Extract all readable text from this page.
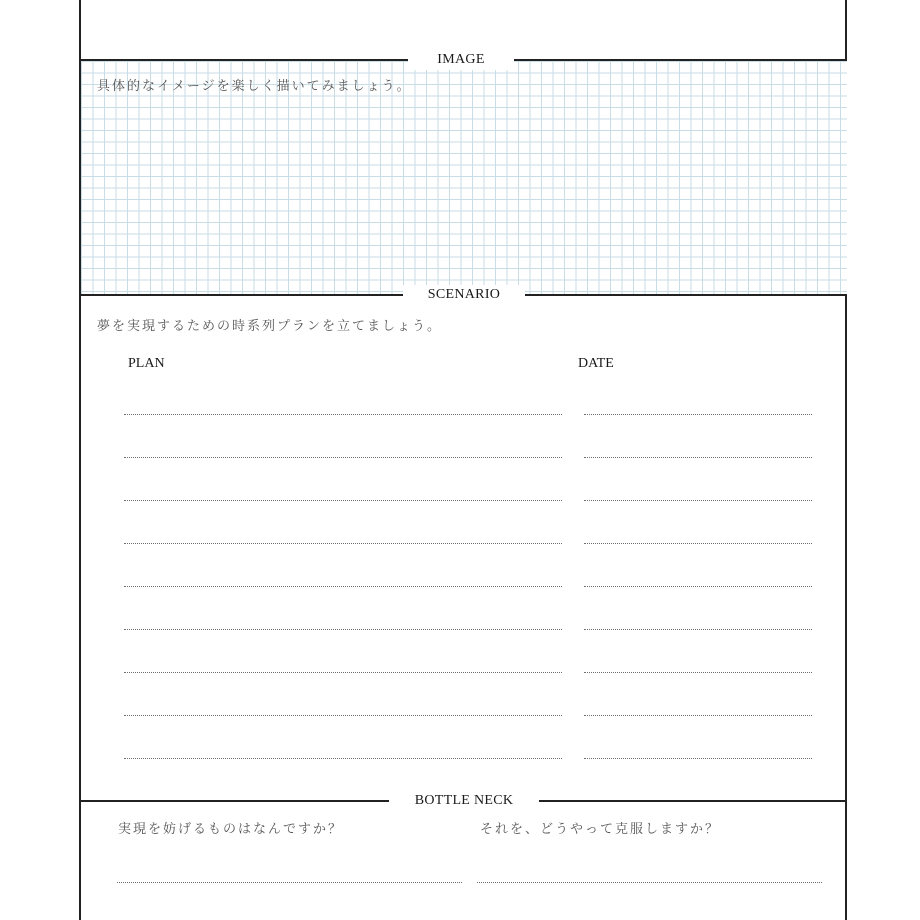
IMAGE
具体的なイメージを楽しく描いてみましょう。
SCENARIO
夢を実現するための時系列プランを立てましょう。
PLAN	DATE
BOTTLE NECK
実現を妨げるものはなんですか？	それを、どうやって克服しますか？
